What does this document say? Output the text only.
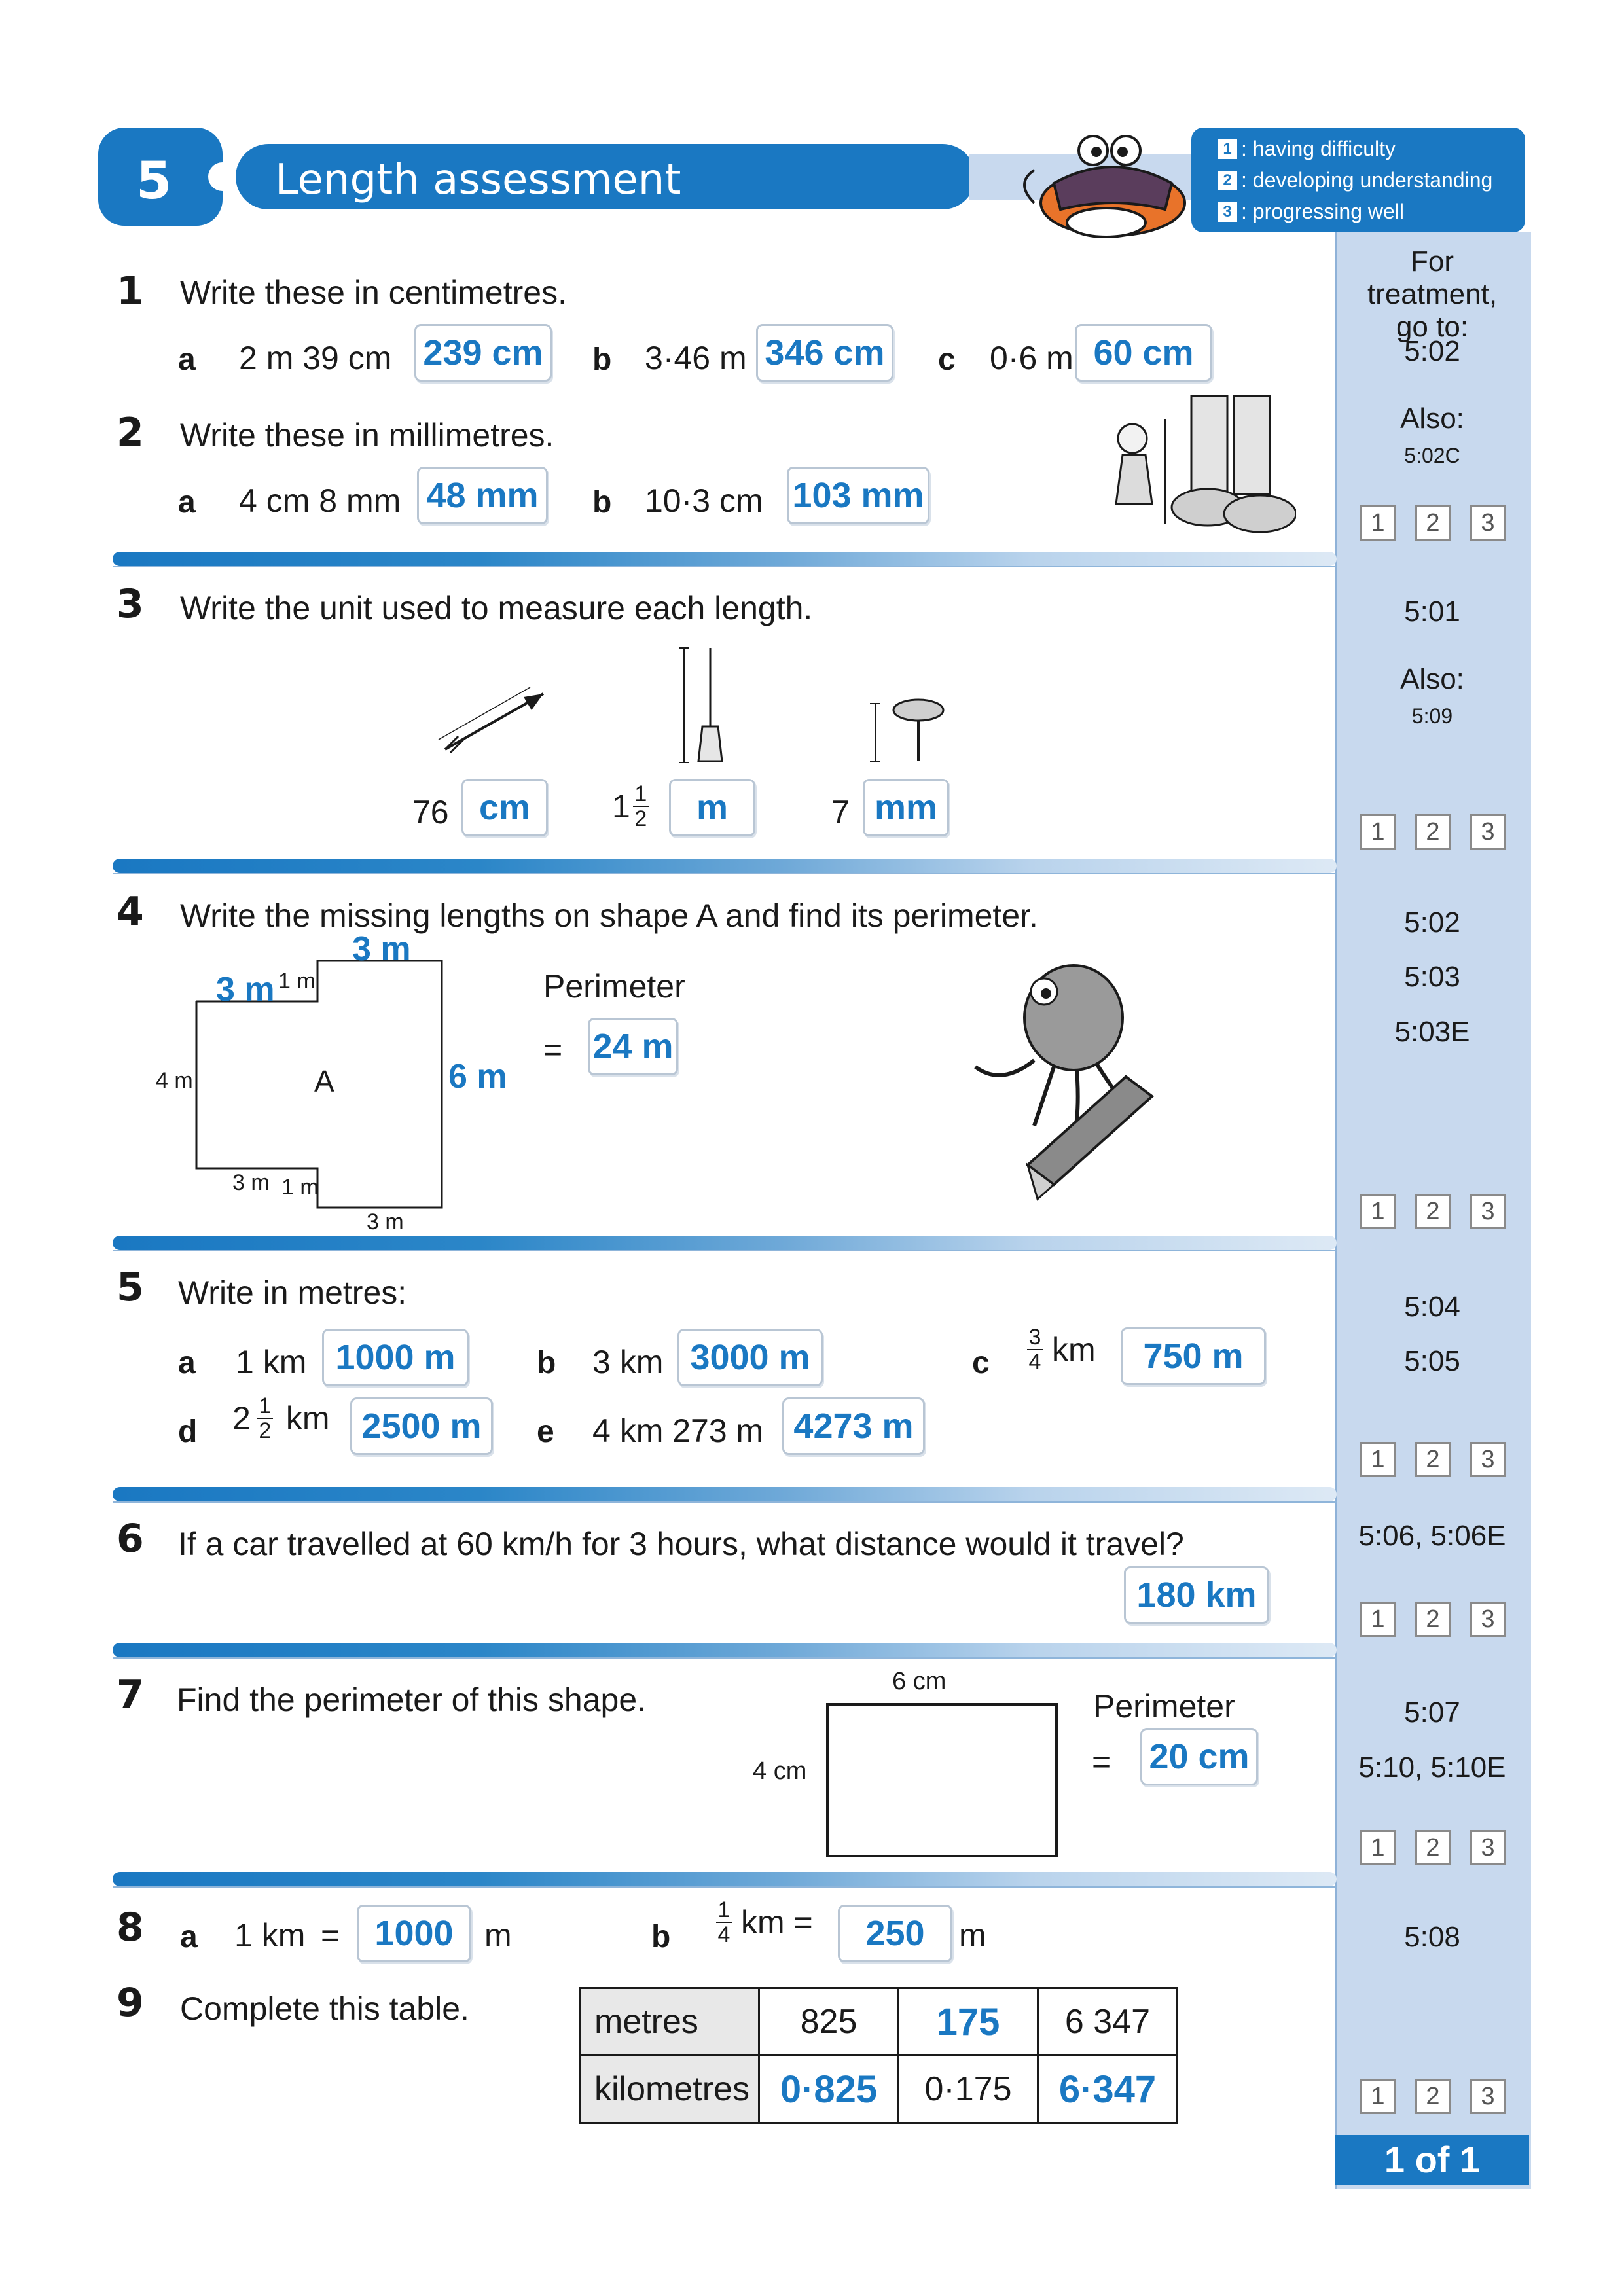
5 Length assessment
1 : having difficulty
2 : developing understanding
3 : progressing well
For treatment, go to:
5:02
Also:
5:02C
1	2	3
5:01
Also:
5:09
1	2	3
5:02
5:03
5:03E
1	2	3
5:04
5:05
1	2	3
5:06, 5:06E
1	2	3
5:07
5:10, 5:10E
1	2	3
5:08
1	2	3
1 of 1
1 Write these in centimetres.
a 2 m 39 cm 239 cm b 3·46 m 346 cm c 0·6 m 60 cm
2 Write these in millimetres.
a 4 cm 8 mm 48 mm	b 10·3 cm 103 mm
3 Write the unit used to measure each length.
76 cm	$1 \frac{1}{2}$	m	7 mm
4 Write the missing lengths on shape A and find its perimeter.
A
3 m
1 m
3 m
4 m	6 m
3 m 1 m
3 m
Perimeter
= 24 m
5 Write in metres:
a 1 km 1000 m	b 3 km 3000 m	c $\frac{3}{4}$ km	750 m
d $2 \frac{1}{2}$ km 2500 m	e 4 km 273 m 4273 m
6 If a car travelled at 60 km/h for 3 hours, what distance would it travel?
180 km
7 Find the perimeter of this shape.	6 cm
4 cm
Perimeter
= 20 cm
8 a 1 km = 1000 m	b $\frac{1}{4}$ km =	250	m
9 Complete this table.	metres	825	175	6 347
kilometres	0·825	0·175	6·347
